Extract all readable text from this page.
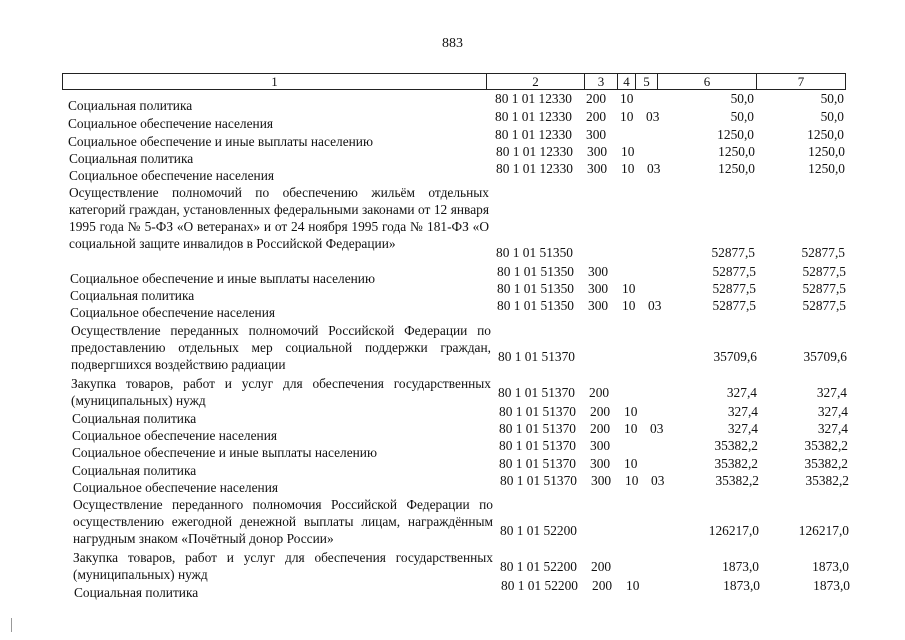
883
1	2	3	4	5	6	7
Социальная политика	80 1 01 12330 200 10	50,0	50,0
Социальное обеспечение населения	80 1 01 12330 200 10 03	50,0	50,0
Социальное обеспечение и иные выплаты населению	80 1 01 12330 300	1250,0	1250,0
Социальная политика	80 1 01 12330 300 10	1250,0	1250,0
Социальное обеспечение населения	80 1 01 12330 300 10 03	1250,0	1250,0
Осуществление полномочий по обеспечению жильём отдельных категорий граждан, установленных федеральными законами от 12 января 1995 года № 5-ФЗ «О ветеранах» и от 24 ноября 1995 года № 181-ФЗ «О социальной защите инвалидов в Российской Федерации»
80 1 01 51350	52877,5	52877,5
Социальное обеспечение и иные выплаты населению	80 1 01 51350 300	52877,5	52877,5
Социальная политика	80 1 01 51350 300 10	52877,5	52877,5
Социальное обеспечение населения	80 1 01 51350 300 10 03	52877,5	52877,5
Осуществление переданных полномочий Российской Федерации по предоставлению отдельных мер социальной поддержки граждан, подвергшихся воздействию радиации
80 1 01 51370	35709,6	35709,6
Закупка товаров, работ и услуг для обеспечения государственных (муниципальных) нужд
80 1 01 51370 200	327,4	327,4
Социальная политика	80 1 01 51370 200 10	327,4	327,4
Социальное обеспечение населения	80 1 01 51370 200 10 03	327,4	327,4
Социальное обеспечение и иные выплаты населению	80 1 01 51370 300	35382,2	35382,2
Социальная политика	80 1 01 51370 300 10	35382,2	35382,2
Социальное обеспечение населения	80 1 01 51370 300 10 03	35382,2	35382,2
Осуществление переданного полномочия Российской Федерации по осуществлению ежегодной денежной выплаты лицам, награждённым нагрудным знаком «Почётный донор России»
80 1 01 52200	126217,0	126217,0
Закупка товаров, работ и услуг для обеспечения государственных (муниципальных) нужд
80 1 01 52200 200	1873,0	1873,0
Социальная политика	80 1 01 52200 200 10	1873,0	1873,0
